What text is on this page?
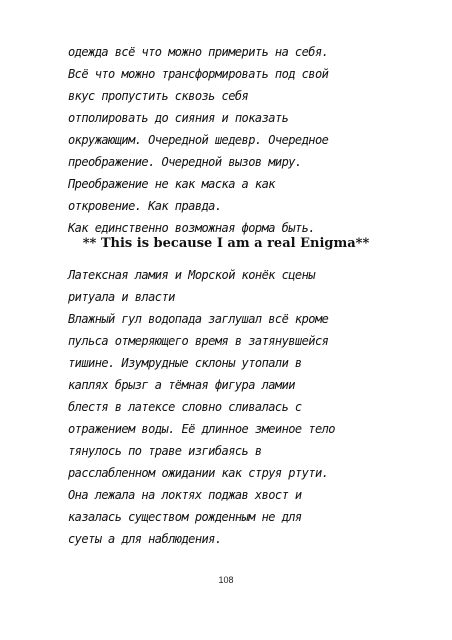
одежда всё что можно примерить на себя.
Всё что можно трансформировать под свой
вкус пропустить сквозь себя
отполировать до сияния и показать
окружающим. Очередной шедевр. Очередное
преображение. Очередной вызов миру.
Преображение не как маска а как
откровение. Как правда.
Как единственно возможная форма быть.
** This is because I am a real Enigma**
Латексная ламия и Морской конёк сцены
ритуала и власти
Влажный гул водопада заглушал всё кроме
пульса отмеряющего время в затянувшейся
тишине. Изумрудные склоны утопали в
каплях брызг а тёмная фигура ламии
блестя в латексе словно сливалась с
отражением воды. Её длинное змеиное тело
тянулось по траве изгибаясь в
расслабленном ожидании как струя ртути.
Она лежала на локтях поджав хвост и
казалась существом рожденным не для
суеты а для наблюдения.
108
